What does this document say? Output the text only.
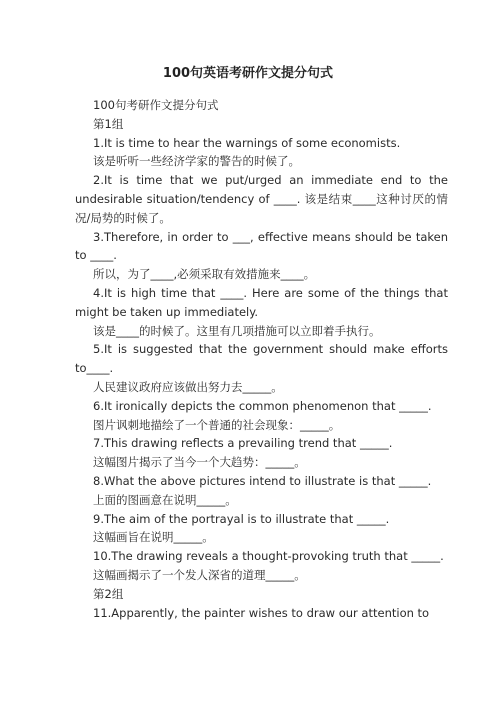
100句英语考研作文提分句式
100句考研作文提分句式
第1组
1.It is time to hear the warnings of some economists.
该是听听一些经济学家的警告的时候了。
2.It is time that we put/urged an immediate end to the undesirable situation/tendency of ____. 该是结束____这种讨厌的情况/局势的时候了。
3.Therefore, in order to ___, effective means should be taken to ____.
所以，为了____,必须采取有效措施来____。
4.It is high time that ____. Here are some of the things that might be taken up immediately.
该是____的时候了。这里有几项措施可以立即着手执行。
5.It is suggested that the government should make efforts to____.
人民建议政府应该做出努力去_____。
6.It ironically depicts the common phenomenon that _____.
图片讽刺地描绘了一个普通的社会现象：_____。
7.This drawing reflects a prevailing trend that _____.
这幅图片揭示了当今一个大趋势：_____。
8.What the above pictures intend to illustrate is that _____.
上面的图画意在说明_____。
9.The aim of the portrayal is to illustrate that _____.
这幅画旨在说明_____。
10.The drawing reveals a thought-provoking truth that _____.
这幅画揭示了一个发人深省的道理_____。
第2组
11.Apparently, the painter wishes to draw our attention to
